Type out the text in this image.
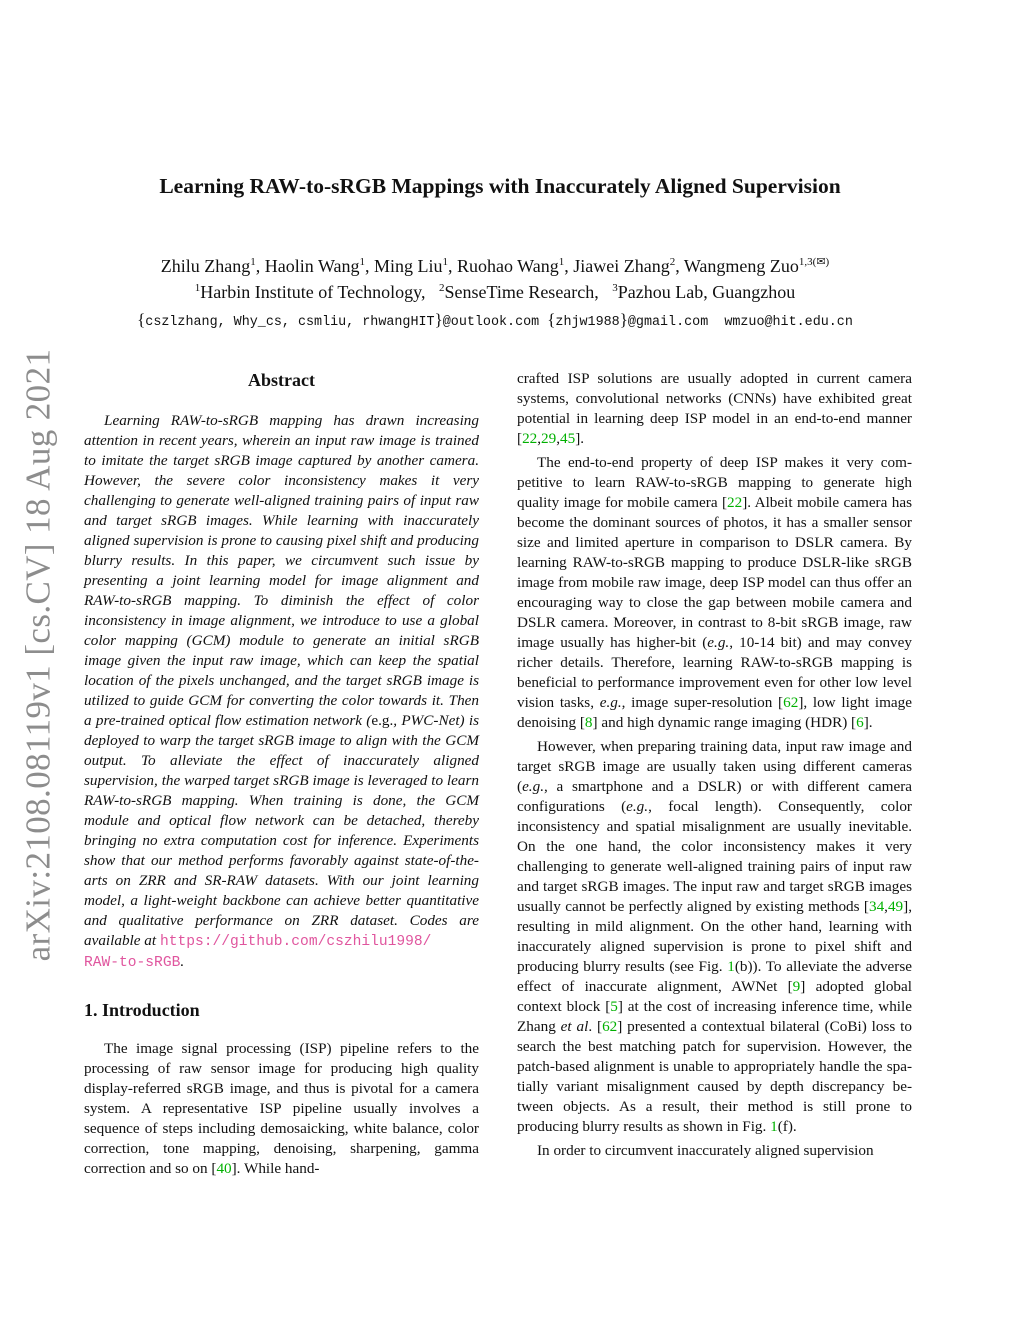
arXiv:2108.08119v1 [cs.CV] 18 Aug 2021
Learning RAW-to-sRGB Mappings with Inaccurately Aligned Supervision
Zhilu Zhang$^1$, Haolin Wang$^1$, Ming Liu$^1$, Ruohao Wang$^1$, Jiawei Zhang$^2$, Wangmeng Zuo$^{1,3(✉)}$
$^1$Harbin Institute of Technology, $^2$SenseTime Research, $^3$Pazhou Lab, Guangzhou
{cszlzhang, Why_cs, csmliu, rhwangHIT}@outlook.com {zhjw1988}@gmail.com wmzuo@hit.edu.cn
Abstract

Learning RAW-to-sRGB mapping has drawn increasing attention in recent years, wherein an input raw image is trained to imitate the target sRGB image captured by another camera. However, the severe color inconsistency makes it very challenging to generate well-aligned training pairs of input raw and target sRGB images. While learning with inaccurately aligned supervision is prone to causing pixel shift and producing blurry results. In this paper, we circumvent such issue by presenting a joint learning model for image alignment and RAW-to-sRGB mapping. To diminish the effect of color inconsistency in image alignment, we introduce to use a global color mapping (GCM) module to generate an initial sRGB image given the input raw image, which can keep the spatial location of the pixels unchanged, and the target sRGB image is utilized to guide GCM for converting the color towards it. Then a pre-trained optical flow estimation network (e.g., PWC-Net) is deployed to warp the target sRGB image to align with the GCM output. To alleviate the effect of inaccurately aligned supervision, the warped target sRGB image is leveraged to learn RAW-to-sRGB mapping. When training is done, the GCM module and optical flow network can be detached, thereby bringing no extra computation cost for inference. Experiments show that our method performs favorably against state-of-the-arts on ZRR and SR-RAW datasets. With our joint learning model, a light-weight backbone can achieve better quantitative and qualitative performance on ZRR dataset. Codes are available at https://github.com/cszhilu1998/
RAW-to-sRGB.

1. Introduction

The image signal processing (ISP) pipeline refers to the processing of raw sensor image for producing high quality display-referred sRGB image, and thus is pivotal for a camera system. A representative ISP pipeline usually involves a sequence of steps including demosaicking, white balance, color correction, tone mapping, denoising, sharpening, gamma correction and so on [40]. While hand-

crafted ISP solutions are usually adopted in current camera systems, convolutional networks (CNNs) have exhibited great potential in learning deep ISP model in an end-to-end manner [22,29,45].

The end-to-end property of deep ISP makes it very competitive to learn RAW-to-sRGB mapping to generate high quality image for mobile camera [22]. Albeit mobile camera has become the dominant sources of photos, it has a smaller sensor size and limited aperture in comparison to DSLR camera. By learning RAW-to-sRGB mapping to produce DSLR-like sRGB image from mobile raw image, deep ISP model can thus offer an encouraging way to close the gap between mobile camera and DSLR camera. Moreover, in contrast to 8-bit sRGB image, raw image usually has higher-bit (e.g., 10-14 bit) and may convey richer details. Therefore, learning RAW-to-sRGB mapping is beneficial to performance improvement even for other low level vision tasks, e.g., image super-resolution [62], low light image denoising [8] and high dynamic range imaging (HDR) [6].

However, when preparing training data, input raw image and target sRGB image are usually taken using different cameras (e.g., a smartphone and a DSLR) or with different camera configurations (e.g., focal length). Consequently, color inconsistency and spatial misalignment are usually inevitable. On the one hand, the color inconsistency makes it very challenging to generate well-aligned training pairs of input raw and target sRGB images. The input raw and target sRGB images usually cannot be perfectly aligned by existing methods [34,49], resulting in mild alignment. On the other hand, learning with inaccurately aligned supervision is prone to pixel shift and producing blurry results (see Fig. 1(b)). To alleviate the adverse effect of inaccurate alignment, AWNet [9] adopted global context block [5] at the cost of increasing inference time, while Zhang et al. [62] presented a contextual bilateral (CoBi) loss to search the best matching patch for supervision. However, the patch-based alignment is unable to appropriately handle the spatially variant misalignment caused by depth discrepancy between objects. As a result, their method is still prone to producing blurry results as shown in Fig. 1(f).

In order to circumvent inaccurately aligned supervision
